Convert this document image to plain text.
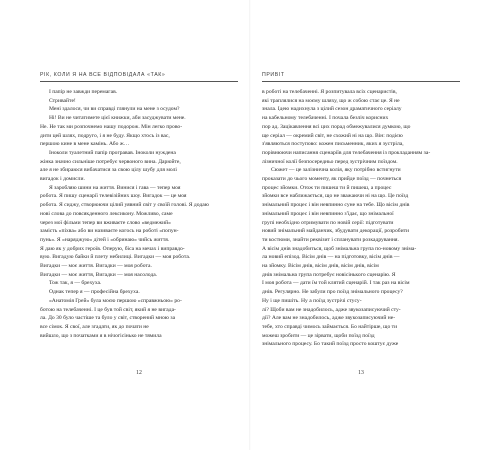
РІК, КОЛИ Я НА ВСЕ ВІДПОВІДАЛА «ТАК»
І папір не завжди перемагав.
Стривайте!
Мені здалося, чи ви справді глянули на мене з осудом?
Ні! Ви не читатимете цієї книжки, аби засуджувати мене.
Не. Не так ми розпочнемо нашу подорож. Мін легко прово-
дити цей шлях, подруго, і я не буду. Якщо хтось із вас,
першою кине в мене камінь. Або ж…
Іноколи туалетний папір програвав. Іноколи нуждена
жінка значно сильніше потребує червоного вина. Дарюйте,
але я не збираюся вибачатися за свою цілу шубу для молі
вигадок і домисли.
Я заробляю шини на життя. Винися і гава — тепер моя
робота. Я пишу сценарії телевізійних шоу. Вигадок — це моя
робота. Я сиджу, створюючи цілий уявний світ у своїй голові. Я додаю
нові слова до повсякденного лексикону. Можливо, саме
через мої фільми тепер ви вживаєте слово «ведмежий»
замість «піхва» або ви називаєте когось на роботі «попун-
пунь». Я «наряджую» дітей і «обринаю» чийсь життя.
Я даю як у добрих героїв. Оперую, біса на мечах і виправдо-
вую. Вигадую байки й плету небилиці. Вигадки — моя робота.
Вигадки — моє життя. Вигадки — моя робота.
Вигадки — моє життя, Вигадки — моя насолода.
Тож так, я — брехуха.
Однак тепер я — професійна брехуха.
«Анатомія Грей» була моєю першою «справжньою» ро-
ботою на телебаченні. І це був той світ, який я не вигада-
ла. До 30 було частіше та було у світ, створений мною за
все сімок. Я свої, але згадати, як до почати не
вийшло, що з початками я в нічогісінько не тямила
12
ПРИВІТ
в роботі на телебаченні. Я розпитувала всіх сценаристів,
які траплялися на моєму шляху, що ж собою стає це. Я не
знала. Ідею надихнула з цілий сезон драматичного серіалу
на кабельному телебаченні. І почала безліч корисних
пор ад. Зацікавлення всі цих порад обмежувалися думкою, що
ще серіал — окремий світ, не схожий ні на що. Він: подією
з'являються поступово: кожен письменник, яких я зустріла,
порівнюючи написання сценаріїв для телебачення із прокладанням за-
лізничної колії безпосередньо перед зустрічним поїздом.
Сюжет — це залізнична колія, яку потрібно встигнути
проказати до чього моменту, як прийде поїзд — почнеться
процес зйомки. Отож ти пишеш ти й пишеш, а процес
зйомки все наближається, що не зважаючи ні на що. Це поїзд
знімальний процес і він невпинно суне на тебе. Що вісім днів
знімальний процес і він невпинно з'їдає, що знімальної
групі необхідно отримувати по новій серії: підготувати
новий знімальний майданчик, збудувати декорації, розробити
ти костюми, знайти реквізит і спланувати розкадрування.
А вісім днів знадобиться, щоб знімальна група по-новому зніма-
ла новий епізод. Вісім днів — на підготовку, вісім днів —
на зйомку. Вісім днів, вісім днів, вісім днів, вісім
днів знімальна група потребує новісінького сценарію. Я
І моя робота — дати їм той клятий сценарій. І так раз на вісім
днів. Регулярно. Не забули про поїзд знімального процесу?
Ну і ще пишіть. Ну а поїзд зустрічі стусу-
лі? Щоби вам не знадобилось, адже звукозаписуючий сту-
дії? Але вам не знадобилось, адже звукозаписуючий не-
тебе, хто справді чимось займається. Бо найтірше, що ти
можеш зробити — це зірвати, щоби поїзд поїзд
знімального процесу. Бо такий поїзд просто коштує дуже
13
